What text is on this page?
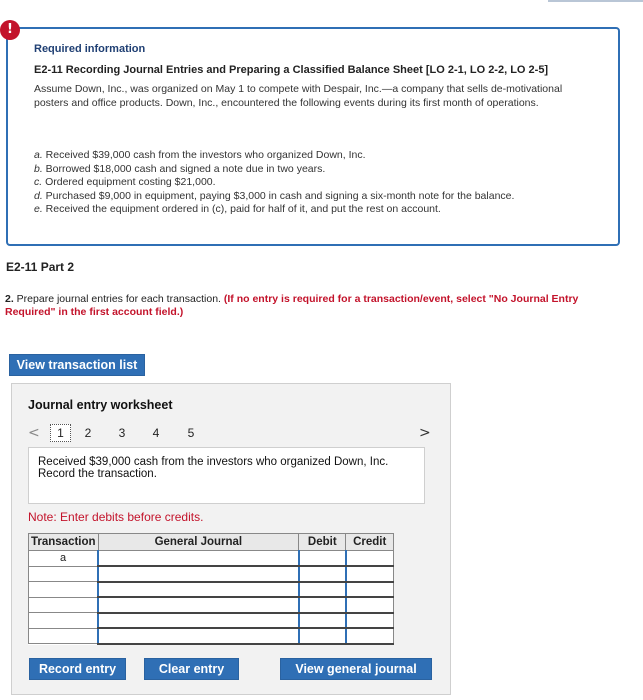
!
Required information
E2-11 Recording Journal Entries and Preparing a Classified Balance Sheet [LO 2-1, LO 2-2, LO 2-5]
Assume Down, Inc., was organized on May 1 to compete with Despair, Inc.—a company that sells de-motivational posters and office products. Down, Inc., encountered the following events during its first month of operations.
a. Received $39,000 cash from the investors who organized Down, Inc.
b. Borrowed $18,000 cash and signed a note due in two years.
c. Ordered equipment costing $21,000.
d. Purchased $9,000 in equipment, paying $3,000 in cash and signing a six-month note for the balance.
e. Received the equipment ordered in (c), paid for half of it, and put the rest on account.
E2-11 Part 2
2. Prepare journal entries for each transaction. (If no entry is required for a transaction/event, select "No Journal Entry Required" in the first account field.)
View transaction list
Journal entry worksheet
<	1	2	3	4	5	>
Received $39,000 cash from the investors who organized Down, Inc. Record the transaction.
Note: Enter debits before credits.
Transaction	General Journal	Debit	Credit
a			

Record entry	Clear entry	View general journal
